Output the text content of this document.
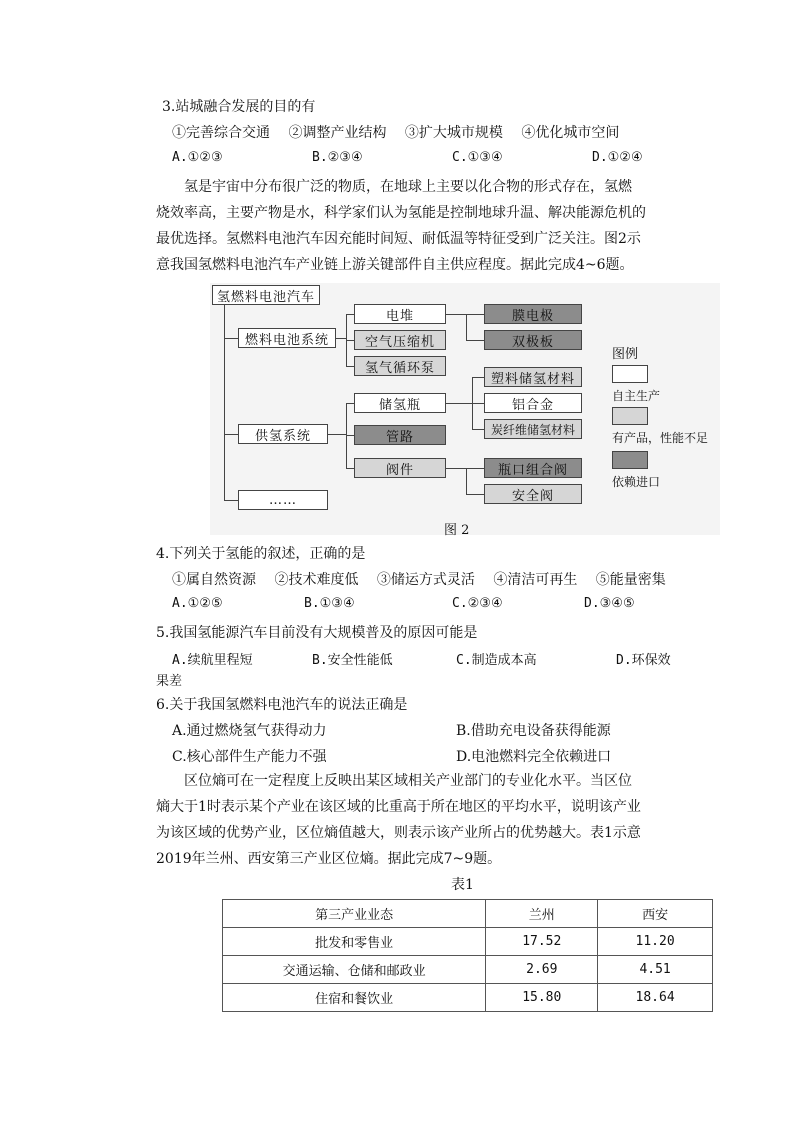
3.站城融合发展的目的有
①完善综合交通　 ②调整产业结构　 ③扩大城市规模　 ④优化城市空间
A.①②③	B.②③④	C.①③④	D.①②④
氢是宇宙中分布很广泛的物质，在地球上主要以化合物的形式存在，氢燃
烧效率高，主要产物是水，科学家们认为氢能是控制地球升温、解决能源危机的
最优选择。氢燃料电池汽车因充能时间短、耐低温等特征受到广泛关注。图2示
意我国氢燃料电池汽车产业链上游关键部件自主供应程度。据此完成4~6题。
氢燃料电池汽车
燃料电池系统
供氢系统
……
电堆
空气压缩机
氢气循环泵
膜电极
双极板
储氢瓶
管路
阀件
塑料储氢材料
铝合金
炭纤维储氢材料
瓶口组合阀
安全阀
图例
自主生产
有产品，性能不足
依赖进口
图 2
4.下列关于氢能的叙述，正确的是
①属自然资源　 ②技术难度低　 ③储运方式灵活　 ④清洁可再生　 ⑤能量密集
A.①②⑤	B.①③④	C.②③④	D.③④⑤
5.我国氢能源汽车目前没有大规模普及的原因可能是
A.续航里程短	B.安全性能低	C.制造成本高	D.环保效
果差
6.关于我国氢燃料电池汽车的说法正确是
A.通过燃烧氢气获得动力	B.借助充电设备获得能源
C.核心部件生产能力不强	D.电池燃料完全依赖进口
区位熵可在一定程度上反映出某区域相关产业部门的专业化水平。当区位
熵大于1时表示某个产业在该区域的比重高于所在地区的平均水平，说明该产业
为该区域的优势产业，区位熵值越大，则表示该产业所占的优势越大。表1示意
2019年兰州、西安第三产业区位熵。据此完成7~9题。
表1
第三产业业态	兰州	西安
批发和零售业	17.52	11.20
交通运输、仓储和邮政业	2.69	4.51
住宿和餐饮业	15.80	18.64
